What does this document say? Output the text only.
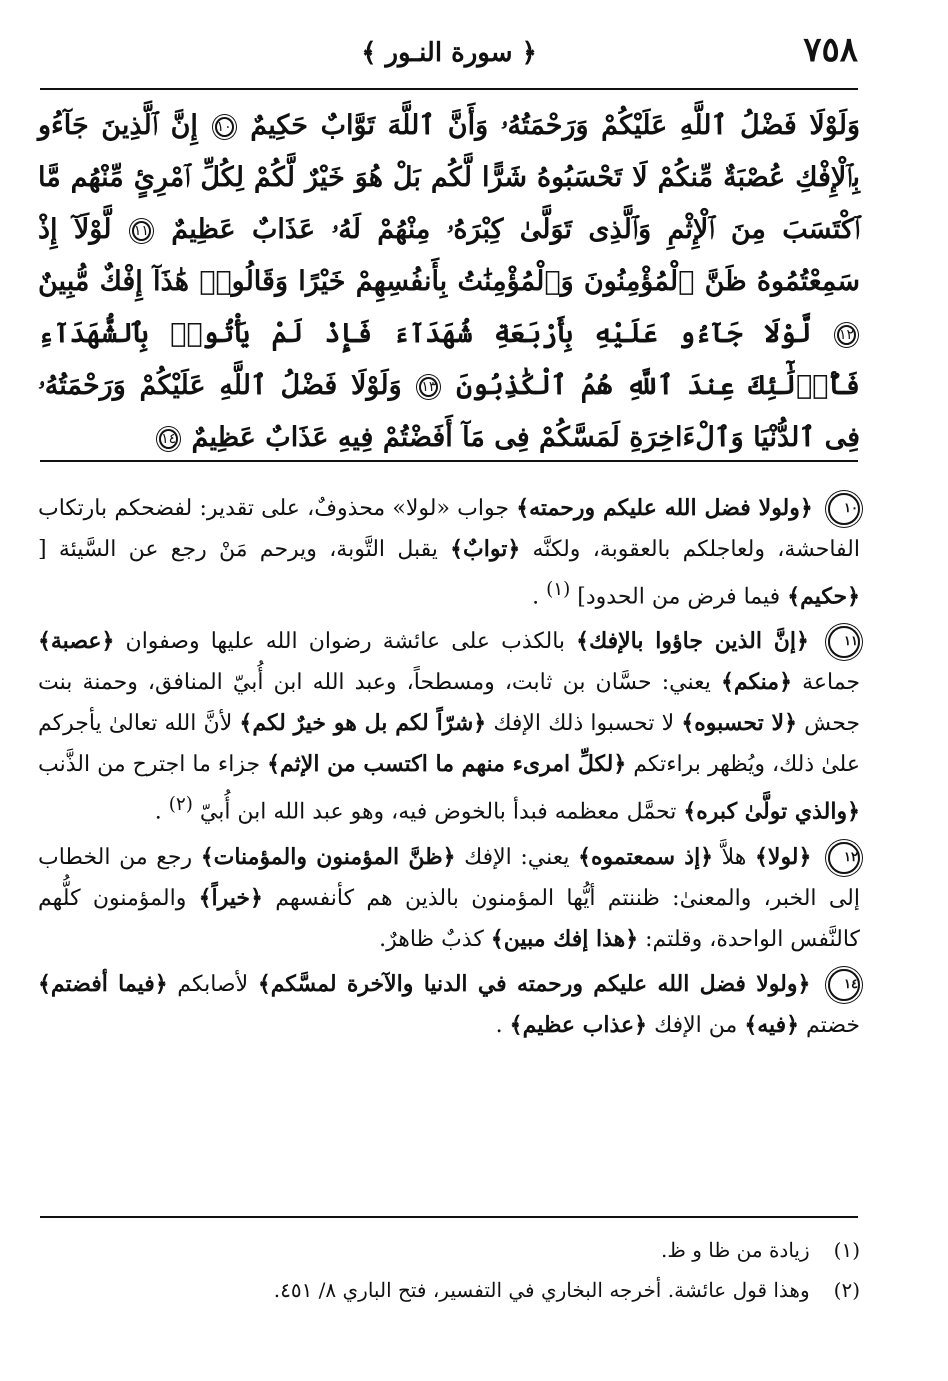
٧٥٨
﴿ سورة النـور ﴾
وَلَوْلَا فَضْلُ ٱللَّهِ عَلَيْكُمْ وَرَحْمَتُهُۥ وَأَنَّ ٱللَّهَ تَوَّابٌ حَكِيمٌ ١٠ إِنَّ ٱلَّذِينَ جَآءُو بِٱلْإِفْكِ عُصْبَةٌ مِّنكُمْ لَا تَحْسَبُوهُ شَرًّا لَّكُم بَلْ هُوَ خَيْرٌ لَّكُمْ لِكُلِّ ٱمْرِئٍ مِّنْهُم مَّا ٱكْتَسَبَ مِنَ ٱلْإِثْمِ وَٱلَّذِى تَوَلَّىٰ كِبْرَهُۥ مِنْهُمْ لَهُۥ عَذَابٌ عَظِيمٌ ١١ لَّوْلَآ إِذْ سَمِعْتُمُوهُ ظَنَّ ٱلْمُؤْمِنُونَ وَٱلْمُؤْمِنَٰتُ بِأَنفُسِهِمْ خَيْرًا وَقَالُوا۟ هَٰذَآ إِفْكٌ مُّبِينٌ ١٢ لَّوْلَا جَآءُو عَلَيْهِ بِأَرْبَعَةِ شُهَدَآءَ فَإِذْ لَمْ يَأْتُوا۟ بِٱلشُّهَدَآءِ فَأُو۟لَٰٓئِكَ عِندَ ٱللَّهِ هُمُ ٱلْكَٰذِبُونَ ١٣ وَلَوْلَا فَضْلُ ٱللَّهِ عَلَيْكُمْ وَرَحْمَتُهُۥ فِى ٱلدُّنْيَا وَٱلْءَاخِرَةِ لَمَسَّكُمْ فِى مَآ أَفَضْتُمْ فِيهِ عَذَابٌ عَظِيمٌ ١٤

١٠ ﴿ولولا فضل الله عليكم ورحمته﴾ جواب «لولا» محذوفٌ، على تقدير: لفضحكم بارتكاب الفاحشة، ولعاجلكم بالعقوبة، ولكنَّه ﴿توابٌ﴾ يقبل التَّوبة، ويرحم مَنْ رجع عن السَّيئة [ ﴿حكيم﴾ فيما فرض من الحدود] $^{(١)}$ .

١١ ﴿إنَّ الذين جاؤوا بالإفك﴾ بالكذب على عائشة رضوان الله عليها وصفوان ﴿عصبة﴾ جماعة ﴿منكم﴾ يعني: حسَّان بن ثابت، ومسطحاً، وعبد الله ابن أُبيّ المنافق، وحمنة بنت جحش ﴿لا تحسبوه﴾ لا تحسبوا ذلك الإفك ﴿شرّاً لكم بل هو خيرٌ لكم﴾ لأنَّ الله تعالىٰ يأجركم علىٰ ذلك، ويُظهر براءتكم ﴿لكلِّ امرىء منهم ما اكتسب من الإثم﴾ جزاء ما اجترح من الذَّنب ﴿والذي تولَّىٰ كبره﴾ تحمَّل معظمه فبدأ بالخوض فيه، وهو عبد الله ابن أُبيّ $^{(٢)}$ .

١٢ ﴿لولا﴾ هلاَّ ﴿إذ سمعتموه﴾ يعني: الإفك ﴿ظنَّ المؤمنون والمؤمنات﴾ رجع من الخطاب إلى الخبر، والمعنىٰ: ظننتم أيُّها المؤمنون بالذين هم كأنفسهم ﴿خيراً﴾ والمؤمنون كلُّهم كالنَّفس الواحدة، وقلتم: ﴿هذا إفك مبين﴾ كذبٌ ظاهرٌ.

١٤ ﴿ولولا فضل الله عليكم ورحمته في الدنيا والآخرة لمسَّكم﴾ لأصابكم ﴿فيما أفضتم﴾ خضتم ﴿فيه﴾ من الإفك ﴿عذاب عظيم﴾ .

(١) زيادة من ظا و ظ.
(٢) وهذا قول عائشة. أخرجه البخاري في التفسير، فتح الباري ٨/ ٤٥١.
